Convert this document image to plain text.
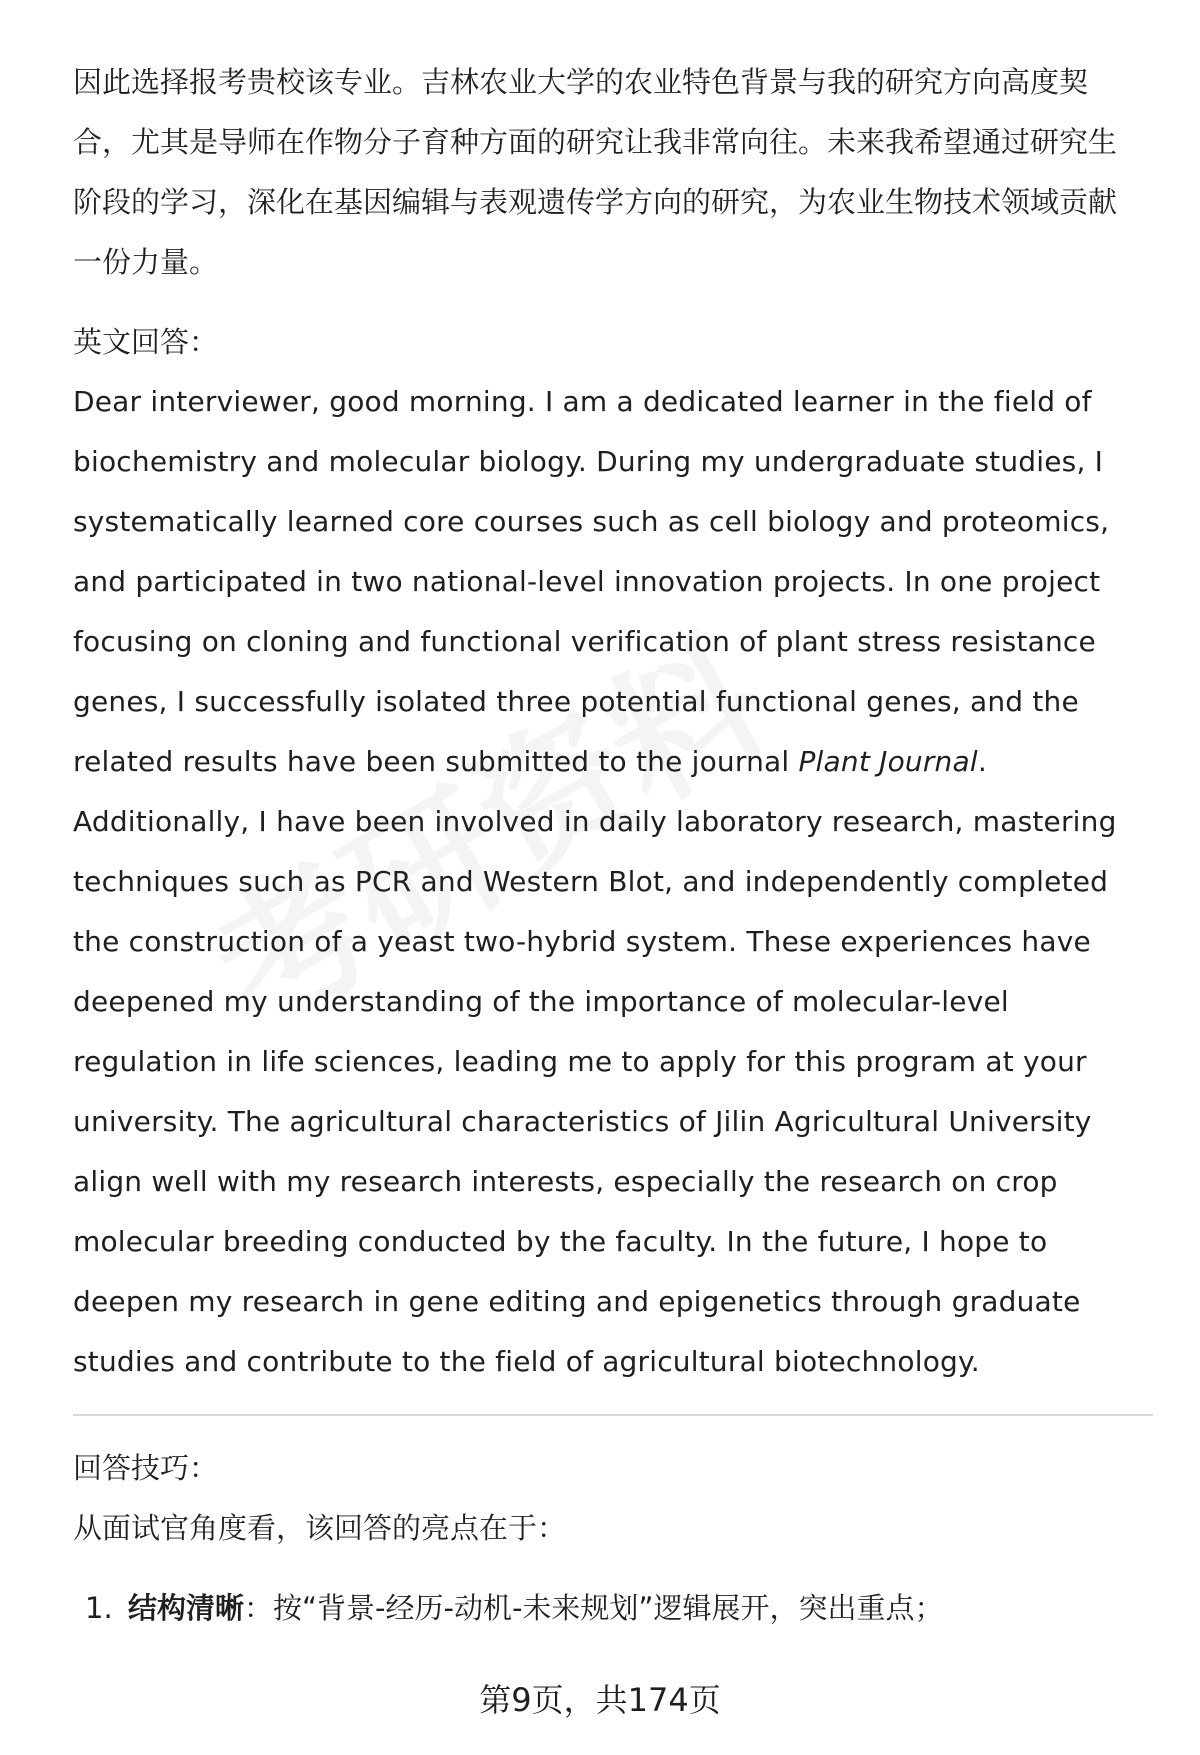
因此选择报考贵校该专业。吉林农业大学的农业特色背景与我的研究方向高度契

合，尤其是导师在作物分子育种方面的研究让我非常向往。未来我希望通过研究生

阶段的学习，深化在基因编辑与表观遗传学方向的研究，为农业生物技术领域贡献

一份力量。

英文回答：

Dear interviewer, good morning. I am a dedicated learner in the field of

biochemistry and molecular biology. During my undergraduate studies, I

systematically learned core courses such as cell biology and proteomics,

and participated in two national-level innovation projects. In one project

focusing on cloning and functional verification of plant stress resistance

genes, I successfully isolated three potential functional genes, and the

related results have been submitted to the journal Plant Journal.

Additionally, I have been involved in daily laboratory research, mastering

techniques such as PCR and Western Blot, and independently completed

the construction of a yeast two-hybrid system. These experiences have

deepened my understanding of the importance of molecular-level

regulation in life sciences, leading me to apply for this program at your

university. The agricultural characteristics of Jilin Agricultural University

align well with my research interests, especially the research on crop

molecular breeding conducted by the faculty. In the future, I hope to

deepen my research in gene editing and epigenetics through graduate

studies and contribute to the field of agricultural biotechnology.

回答技巧：

从面试官角度看，该回答的亮点在于：

1. 结构清晰：按“背景-经历-动机-未来规划”逻辑展开，突出重点；
第9页，共174页
